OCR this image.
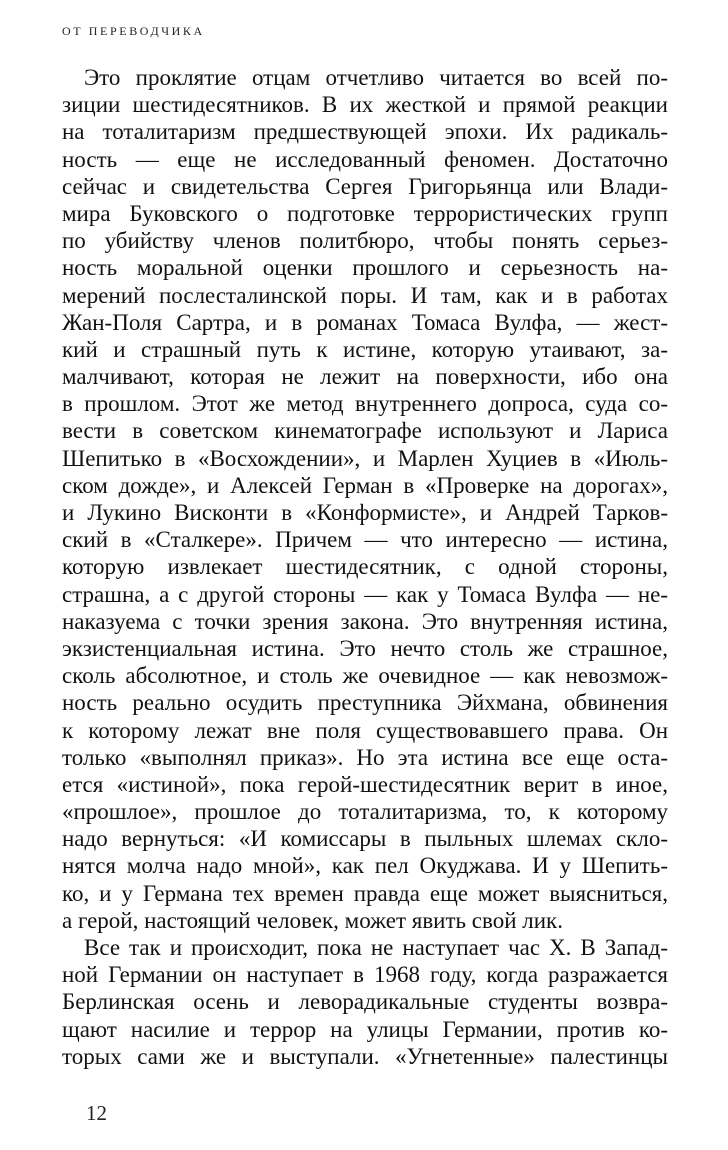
ОТ ПЕРЕВОДЧИКА
Это проклятие отцам отчетливо читается во всей по-
зиции шестидесятников. В их жесткой и прямой реакции
на тоталитаризм предшествующей эпохи. Их радикаль-
ность — еще не исследованный феномен. Достаточно
сейчас и свидетельства Сергея Григорьянца или Влади-
мира Буковского о подготовке террористических групп
по убийству членов политбюро, чтобы понять серьез-
ность моральной оценки прошлого и серьезность на-
мерений послесталинской поры. И там, как и в работах
Жан-Поля Сартра, и в романах Томаса Вулфа, — жест-
кий и страшный путь к истине, которую утаивают, за-
малчивают, которая не лежит на поверхности, ибо она
в прошлом. Этот же метод внутреннего допроса, суда со-
вести в советском кинематографе используют и Лариса
Шепитько в «Восхождении», и Марлен Хуциев в «Июль-
ском дожде», и Алексей Герман в «Проверке на дорогах»,
и Лукино Висконти в «Конформисте», и Андрей Тарков-
ский в «Сталкере». Причем — что интересно — истина,
которую извлекает шестидесятник, с одной стороны,
страшна, а с другой стороны — как у Томаса Вулфа — не-
наказуема с точки зрения закона. Это внутренняя истина,
экзистенциальная истина. Это нечто столь же страшное,
сколь абсолютное, и столь же очевидное — как невозмож-
ность реально осудить преступника Эйхмана, обвинения
к которому лежат вне поля существовавшего права. Он
только «выполнял приказ». Но эта истина все еще оста-
ется «истиной», пока герой-шестидесятник верит в иное,
«прошлое», прошлое до тоталитаризма, то, к которому
надо вернуться: «И комиссары в пыльных шлемах скло-
нятся молча надо мной», как пел Окуджава. И у Шепить-
ко, и у Германа тех времен правда еще может выясниться,
а герой, настоящий человек, может явить свой лик.
Все так и происходит, пока не наступает час Х. В Запад-
ной Германии он наступает в 1968 году, когда разражается
Берлинская осень и леворадикальные студенты возвра-
щают насилие и террор на улицы Германии, против ко-
торых сами же и выступали. «Угнетенные» палестинцы
12
